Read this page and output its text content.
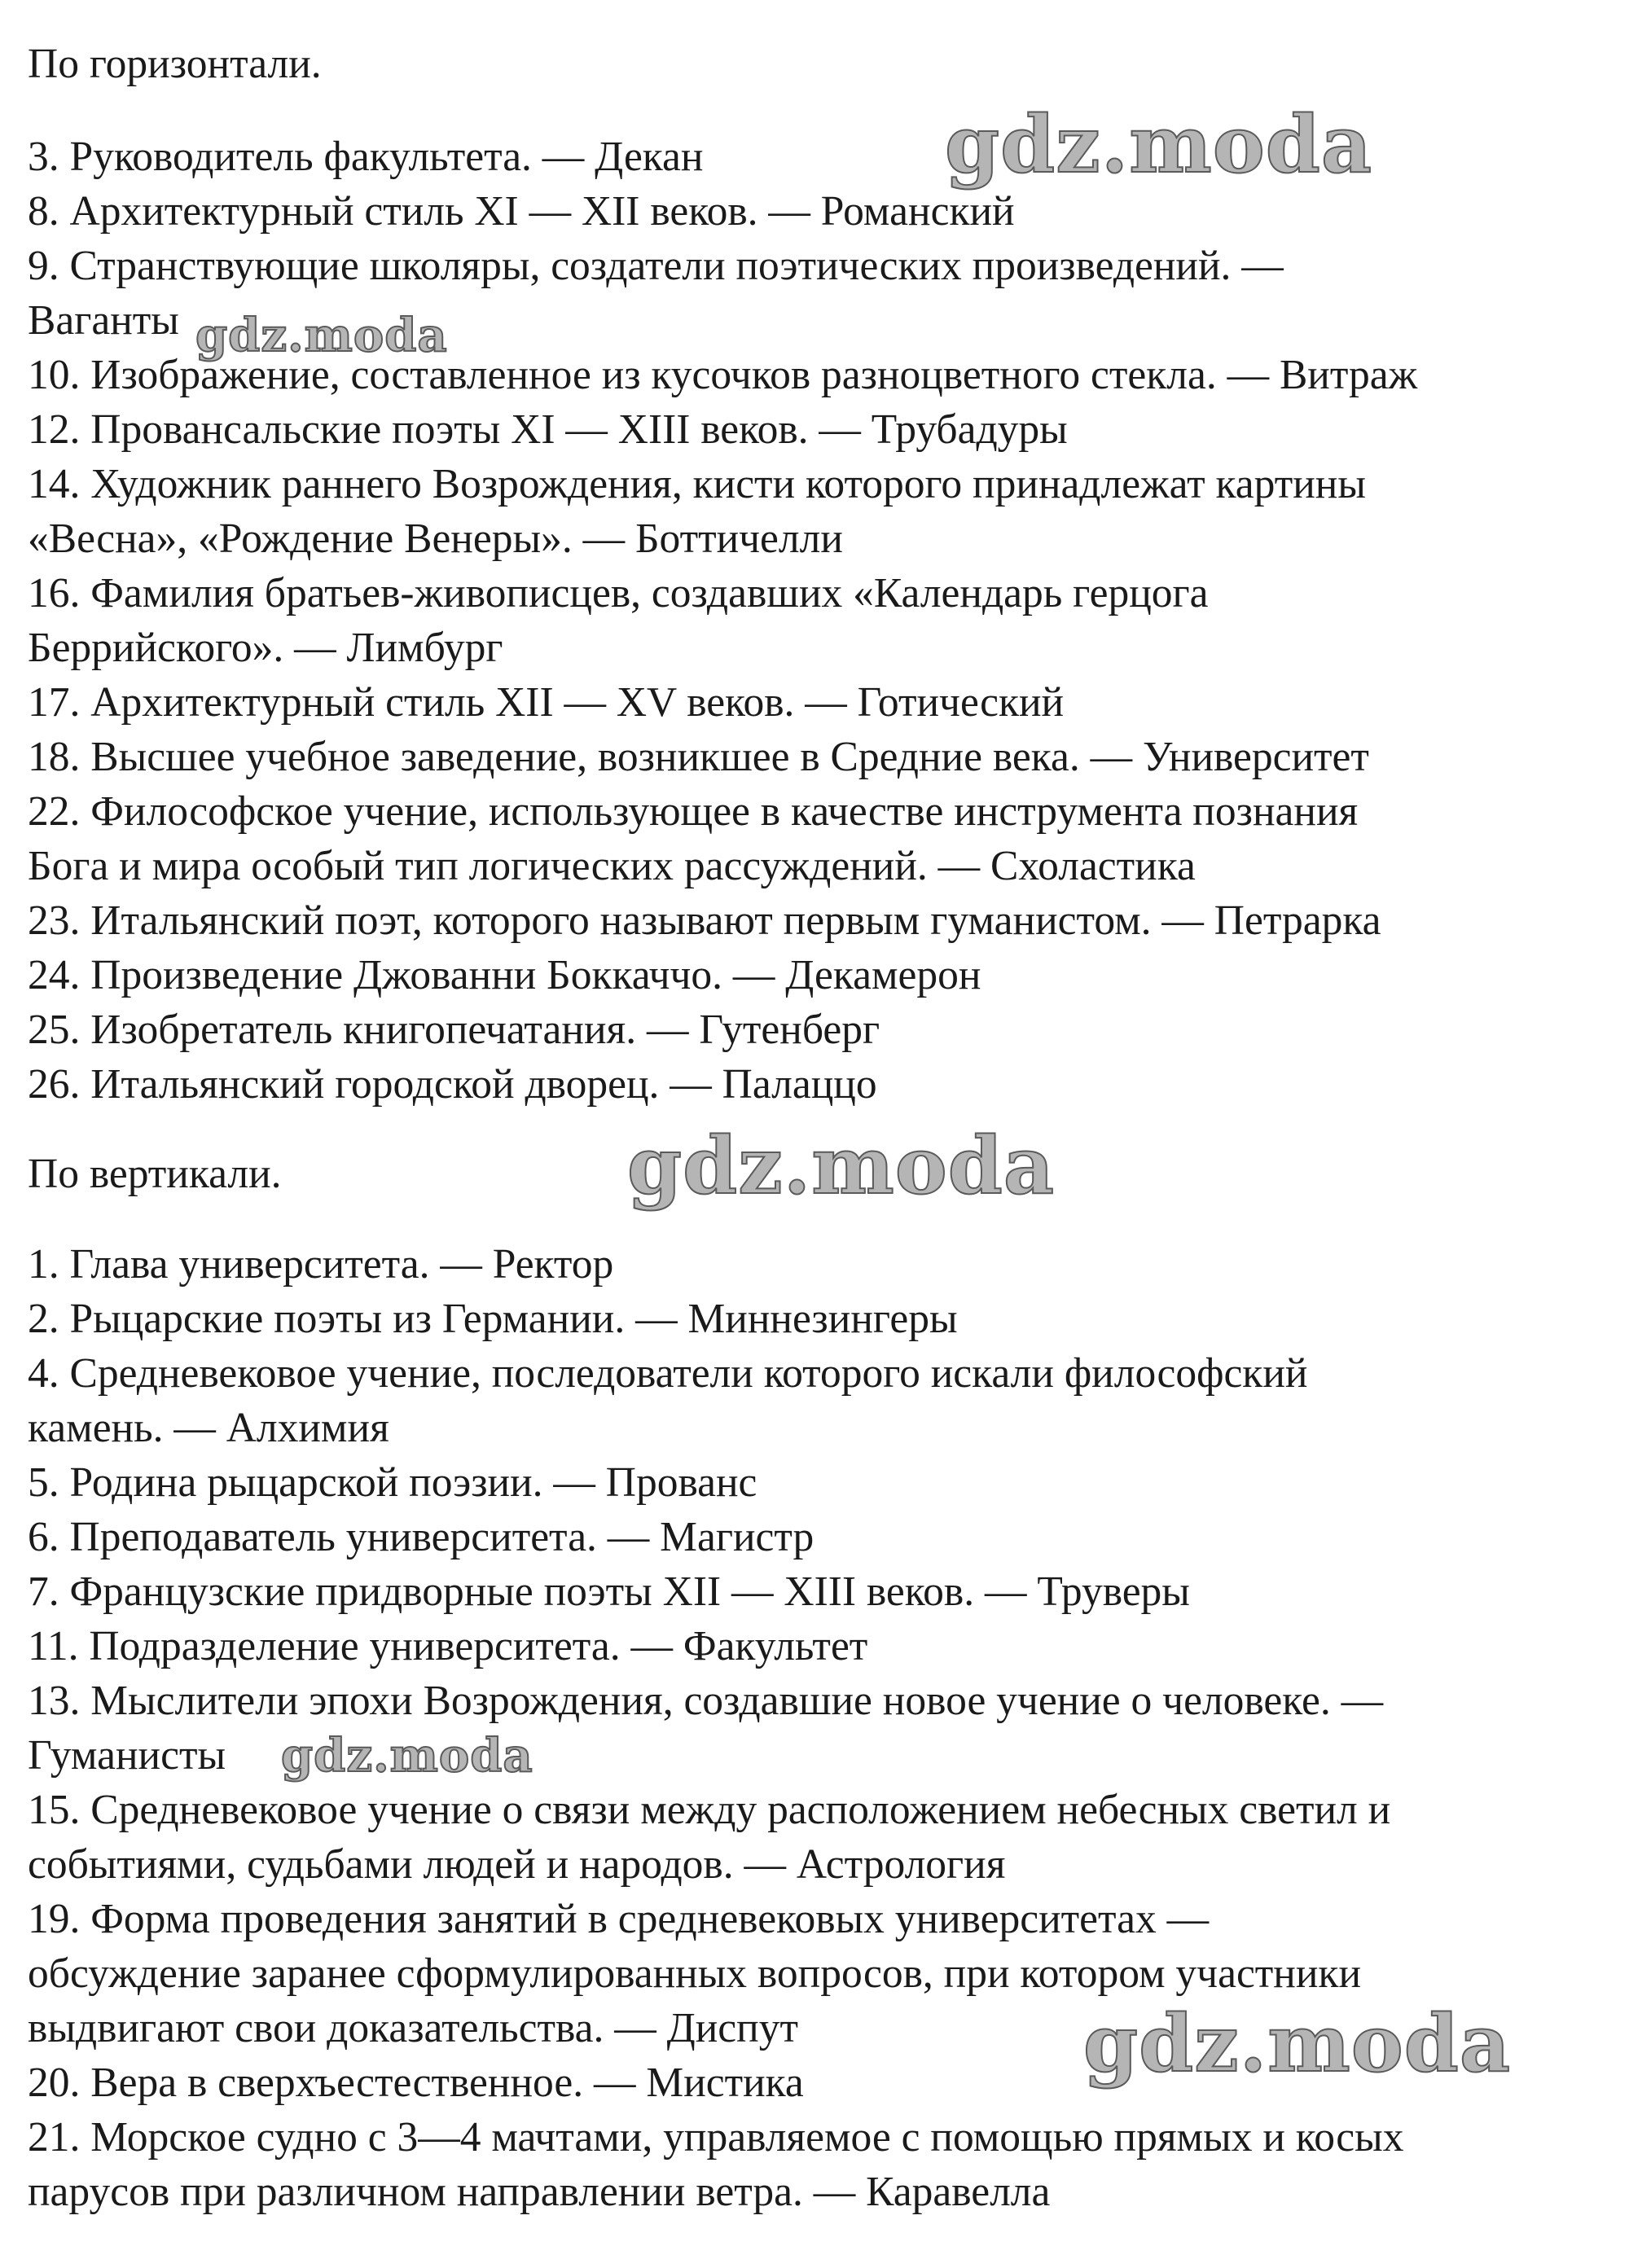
По горизонтали.
3. Руководитель факультета. — Декан
8. Архитектурный стиль XI — XII веков. — Романский
9. Странствующие школяры, создатели поэтических произведений. —
Ваганты
10. Изображение, составленное из кусочков разноцветного стекла. — Витраж
12. Провансальские поэты XI — XIII веков. — Трубадуры
14. Художник раннего Возрождения, кисти которого принадлежат картины
«Весна», «Рождение Венеры». — Боттичелли
16. Фамилия братьев-живописцев, создавших «Календарь герцога
Беррийского». — Лимбург
17. Архитектурный стиль XII — XV веков. — Готический
18. Высшее учебное заведение, возникшее в Средние века. — Университет
22. Философское учение, использующее в качестве инструмента познания
Бога и мира особый тип логических рассуждений. — Схоластика
23. Итальянский поэт, которого называют первым гуманистом. — Петрарка
24. Произведение Джованни Боккаччо. — Декамерон
25. Изобретатель книгопечатания. — Гутенберг
26. Итальянский городской дворец. — Палаццо
По вертикали.
1. Глава университета. — Ректор
2. Рыцарские поэты из Германии. — Миннезингеры
4. Средневековое учение, последователи которого искали философский
камень. — Алхимия
5. Родина рыцарской поэзии. — Прованс
6. Преподаватель университета. — Магистр
7. Французские придворные поэты XII — XIII веков. — Труверы
11. Подразделение университета. — Факультет
13. Мыслители эпохи Возрождения, создавшие новое учение о человеке. —
Гуманисты
15. Средневековое учение о связи между расположением небесных светил и
событиями, судьбами людей и народов. — Астрология
19. Форма проведения занятий в средневековых университетах —
обсуждение заранее сформулированных вопросов, при котором участники
выдвигают свои доказательства. — Диспут
20. Вера в сверхъестественное. — Мистика
21. Морское судно с 3—4 мачтами, управляемое с помощью прямых и косых
парусов при различном направлении ветра. — Каравелла
gdz.moda
gdz.moda
gdz.moda
gdz.moda
gdz.moda
